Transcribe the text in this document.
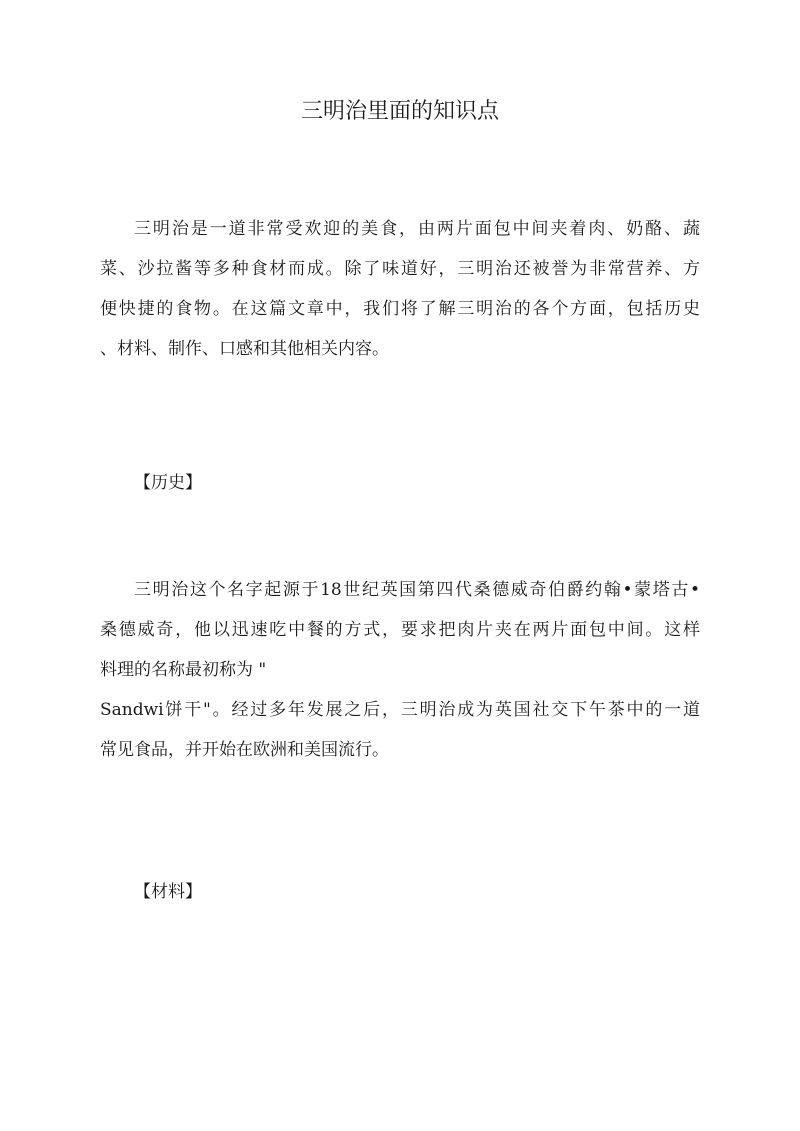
三明治里面的知识点
三明治是一道非常受欢迎的美食，由两片面包中间夹着肉、奶酪、蔬
菜、沙拉酱等多种食材而成。除了味道好，三明治还被誉为非常营养、方
便快捷的食物。在这篇文章中，我们将了解三明治的各个方面，包括历史
、材料、制作、口感和其他相关内容。
【历史】
三明治这个名字起源于18世纪英国第四代桑德威奇伯爵约翰•蒙塔古•
桑德威奇，他以迅速吃中餐的方式，要求把肉片夹在两片面包中间。这样
料理的名称最初称为 "
Sandwi饼干"。经过多年发展之后，三明治成为英国社交下午茶中的一道
常见食品，并开始在欧洲和美国流行。
【材料】
